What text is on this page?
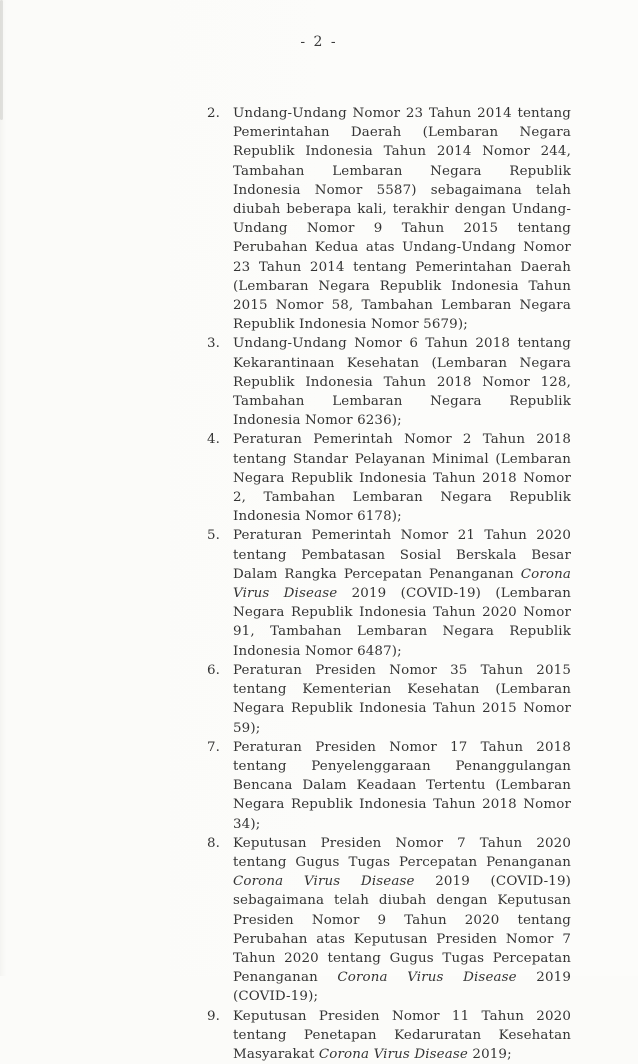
- 2 -
2. Undang-Undang Nomor 23 Tahun 2014 tentang Pemerintahan Daerah (Lembaran Negara Republik Indonesia Tahun 2014 Nomor 244, Tambahan Lembaran Negara Republik Indonesia Nomor 5587) sebagaimana telah diubah beberapa kali, terakhir dengan Undang-Undang Nomor 9 Tahun 2015 tentang Perubahan Kedua atas Undang-Undang Nomor 23 Tahun 2014 tentang Pemerintahan Daerah (Lembaran Negara Republik Indonesia Tahun 2015 Nomor 58, Tambahan Lembaran Negara Republik Indonesia Nomor 5679);
3. Undang-Undang Nomor 6 Tahun 2018 tentang Kekarantinaan Kesehatan (Lembaran Negara Republik Indonesia Tahun 2018 Nomor 128, Tambahan Lembaran Negara Republik Indonesia Nomor 6236);
4. Peraturan Pemerintah Nomor 2 Tahun 2018 tentang Standar Pelayanan Minimal (Lembaran Negara Republik Indonesia Tahun 2018 Nomor 2, Tambahan Lembaran Negara Republik Indonesia Nomor 6178);
5. Peraturan Pemerintah Nomor 21 Tahun 2020 tentang Pembatasan Sosial Berskala Besar Dalam Rangka Percepatan Penanganan Corona Virus Disease 2019 (COVID-19) (Lembaran Negara Republik Indonesia Tahun 2020 Nomor 91, Tambahan Lembaran Negara Republik Indonesia Nomor 6487);
6. Peraturan Presiden Nomor 35 Tahun 2015 tentang Kementerian Kesehatan (Lembaran Negara Republik Indonesia Tahun 2015 Nomor 59);
7. Peraturan Presiden Nomor 17 Tahun 2018 tentang Penyelenggaraan Penanggulangan Bencana Dalam Keadaan Tertentu (Lembaran Negara Republik Indonesia Tahun 2018 Nomor 34);
8. Keputusan Presiden Nomor 7 Tahun 2020 tentang Gugus Tugas Percepatan Penanganan Corona Virus Disease 2019 (COVID-19) sebagaimana telah diubah dengan Keputusan Presiden Nomor 9 Tahun 2020 tentang Perubahan atas Keputusan Presiden Nomor 7 Tahun 2020 tentang Gugus Tugas Percepatan Penanganan Corona Virus Disease 2019 (COVID-19);
9. Keputusan Presiden Nomor 11 Tahun 2020 tentang Penetapan Kedaruratan Kesehatan Masyarakat Corona Virus Disease 2019;
